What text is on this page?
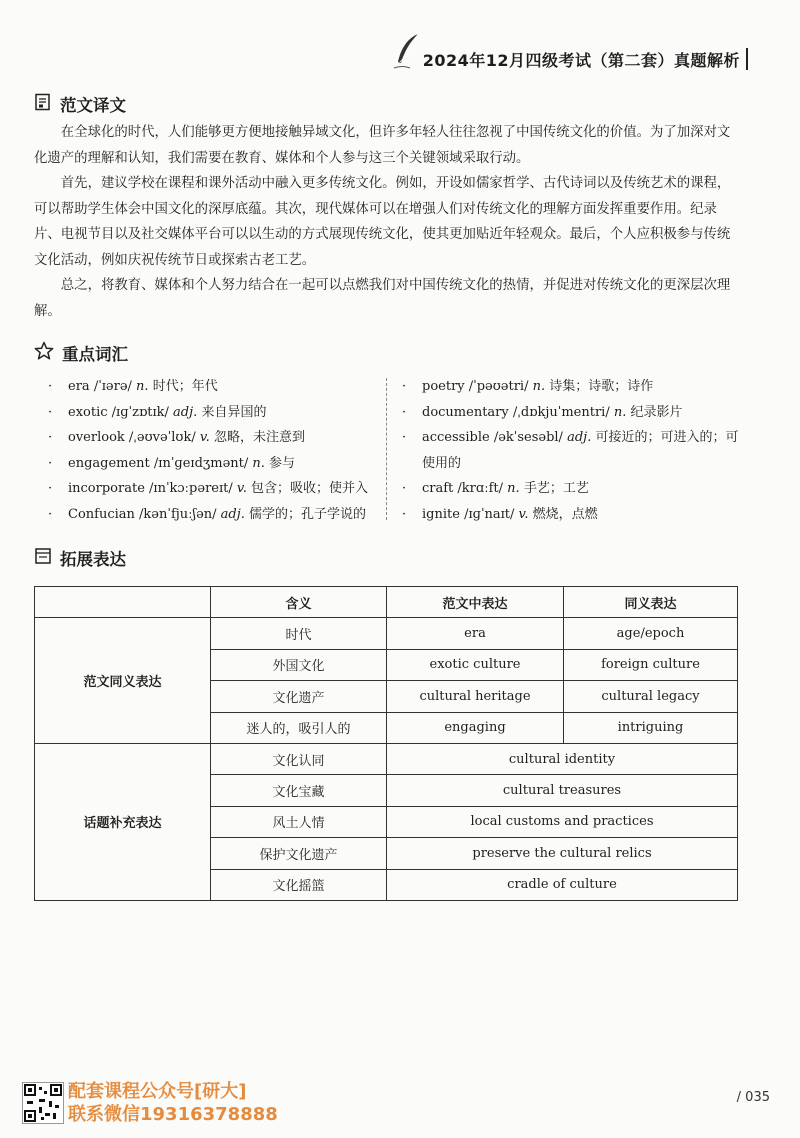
2024年12月四级考试（第二套）真题解析
范文译文

在全球化的时代，人们能够更方便地接触异域文化，但许多年轻人往往忽视了中国传统文化的价值。为了加深对文化遗产的理解和认知，我们需要在教育、媒体和个人参与这三个关键领域采取行动。

首先，建议学校在课程和课外活动中融入更多传统文化。例如，开设如儒家哲学、古代诗词以及传统艺术的课程，可以帮助学生体会中国文化的深厚底蕴。其次，现代媒体可以在增强人们对传统文化的理解方面发挥重要作用。纪录片、电视节目以及社交媒体平台可以以生动的方式展现传统文化，使其更加贴近年轻观众。最后，个人应积极参与传统文化活动，例如庆祝传统节日或探索古老工艺。

总之，将教育、媒体和个人努力结合在一起可以点燃我们对中国传统文化的热情，并促进对传统文化的更深层次理解。

重点词汇
· era /ˈɪərə/ n. 时代；年代
· exotic /ɪɡˈzɒtɪk/ adj. 来自异国的
· overlook /ˌəʊvəˈlʊk/ v. 忽略，未注意到
· engagement /ɪnˈɡeɪdʒmənt/ n. 参与
· incorporate /ɪnˈkɔːpəreɪt/ v. 包含；吸收；使并入
· Confucian /kənˈfjuːʃən/ adj. 儒学的；孔子学说的
· poetry /ˈpəʊətri/ n. 诗集；诗歌；诗作
· documentary /ˌdɒkjuˈmentri/ n. 纪录影片
· accessible /əkˈsesəbl/ adj. 可接近的；可进入的；可使用的
· craft /krɑːft/ n. 手艺；工艺
· ignite /ɪɡˈnaɪt/ v. 燃烧，点燃
拓展表达
	含义	范文中表达	同义表达
范文同义表达	时代	era	age/epoch
	外国文化	exotic culture	foreign culture
	文化遗产	cultural heritage	cultural legacy
	迷人的，吸引人的	engaging	intriguing
话题补充表达	文化认同	cultural identity	
	文化宝藏	cultural treasures	
	风土人情	local customs and practices	
	保护文化遗产	preserve the cultural relics	
	文化摇篮	cradle of culture	
配套课程公众号[研大]
联系微信19316378888
/ 035
